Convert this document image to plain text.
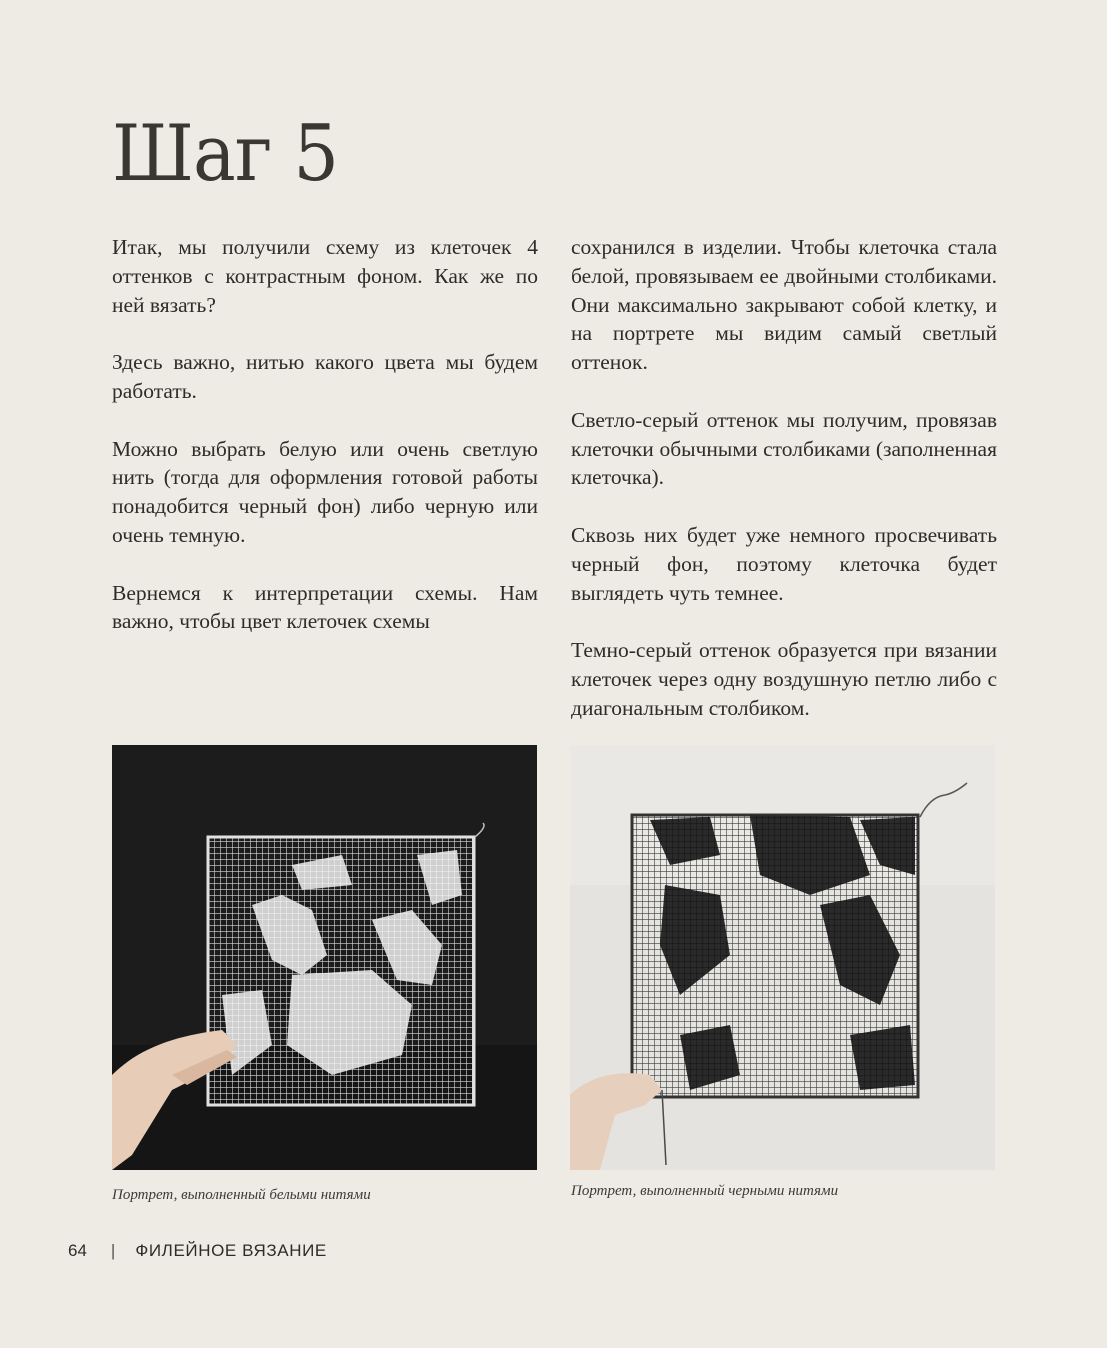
Шаг 5

Итак, мы получили схему из клеточек 4 оттенков с контрастным фоном. Как же по ней вязать?

Здесь важно, нитью какого цвета мы будем работать.

Можно выбрать белую или очень светлую нить (тогда для оформления готовой работы понадобится черный фон) либо черную или очень темную.

Вернемся к интерпретации схемы. Нам важно, чтобы цвет клеточек схемы

сохранился в изделии. Чтобы клеточка стала белой, провязываем ее двойными столбиками. Они максимально закрывают собой клетку, и на портрете мы видим самый светлый оттенок.

Светло-серый оттенок мы получим, провязав клеточки обычными столбиками (заполненная клеточка).

Сквозь них будет уже немного просвечивать черный фон, поэтому клеточка будет выглядеть чуть темнее.

Темно-серый оттенок образуется при вязании клеточек через одну воздушную петлю либо с диагональным столбиком.

Портрет, выполненный белыми нитями	Портрет, выполненный черными нитями
64 | ФИЛЕЙНОЕ ВЯЗАНИЕ
